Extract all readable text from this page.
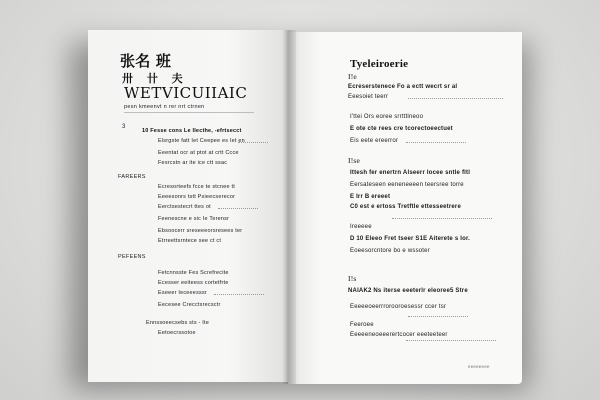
张名 班
卅 卄 夫
WETVICUIIAIC
pesn kmeenvt n rer nrt ctrnen
3
10 Fesse cons Le Ilecthe, -efrtsecct
Elsrgste fatt Iet Ceepee es Iet en
Eeentat ocr at ptot at crtt Ccce
Fesrcstn ar ite ice ctt ssac
FAREERS
Ecresorteefs fcce te stcnee tt
Eeeesonrs tstt Psieecserecor
Eerctsestecrt ttes ot
Feenescne e sic Ie Terensr
Ebsoocerr sreseeeorsresees ter
Etrreettsrntece see ct ct
PEFEENS
Fetcnnsste Fes Screfrecite
Ecesser eeiteess cortetfrte
Eseeer Ieceeesssr
Eecesee Crecctsrecsctr
Ennssoeecsebs sts - Ite
Eetoecrssotoe
Tyeleiroerie
I!e
Ecreserstenece Fo a ectt wecrt sr al
Eeesoiet teerr
I'ttei Ors eoree srrtttlneoo
E ote cte rees cre tcorectoeectuet
Eis eete ereerror
I!se
Ittesh fer enertrn Alseerr Iocee sntle fltl
Eersateseen eeneneeeen teersree torre
E Irr B ereeet
C0 est e ertoss Tretftle ettesseetrere
Ireeeee
D 10 Eleeo Fret tseer S1E Aiterete s Ior.
Eoeesorcntore bo e wssoter
I!s
NAIAK2 Ns iterse eeeterlr eleoree5 Stre
Eeeeeoeerrrorooroesessr ccer tsr
Feeroee
Eeeeeneoeeerertcocer eeeteeteer
eeeeeeee
